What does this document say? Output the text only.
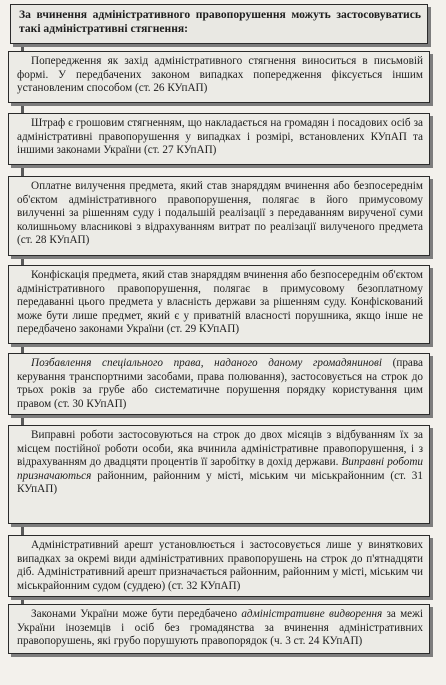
За вчинення адміністративного правопорушення можуть застосовуватись такі адміністративні стягнення:
Попередження як захід адміністративного стягнення виноситься в письмовій формі. У передбачених законом випадках попередження фіксується іншим установленим способом (ст. 26 КУпАП)
Штраф є грошовим стягненням, що накладається на громадян і посадових осіб за адміністративні правопорушення у випадках і розмірі, встановлених КУпАП та іншими законами України (ст. 27 КУпАП)
Оплатне вилучення предмета, який став знаряддям вчинення або безпосереднім об'єктом адміністративного правопорушення, полягає в його примусовому вилученні за рішенням суду і подальшій реалізації з передаванням вирученої суми колишньому власникові з відрахуванням витрат по реалізації вилученого предмета (ст. 28 КУпАП)
Конфіскація предмета, який став знаряддям вчинення або безпосереднім об'єктом адміністративного правопорушення, полягає в примусовому безоплатному передаванні цього предмета у власність держави за рішенням суду. Конфіскований може бути лише предмет, який є у приватній власності порушника, якщо інше не передбачено законами України (ст. 29 КУпАП)
Позбавлення спеціального права, наданого даному громадянинові (права керування транспортними засобами, права полювання), застосовується на строк до трьох років за грубе або систематичне порушення порядку користування цим правом (ст. 30 КУпАП)
Виправні роботи застосовуються на строк до двох місяців з відбуванням їх за місцем постійної роботи особи, яка вчинила адміністративне правопорушення, і з відрахуванням до двадцяти процентів її заробітку в дохід держави. Виправні роботи призначаються районним, районним у місті, міським чи міськрайонним (ст. 31 КУпАП)
Адміністративний арешт установлюється і застосовується лише у виняткових випадках за окремі види адміністративних правопорушень на строк до п'ятнадцяти діб. Адміністративний арешт призначається районним, районним у місті, міським чи міськрайонним судом (суддею) (ст. 32 КУпАП)
Законами України може бути передбачено адміністративне видворення за межі України іноземців і осіб без громадянства за вчинення адміністративних правопорушень, які грубо порушують правопорядок (ч. 3 ст. 24 КУпАП)
